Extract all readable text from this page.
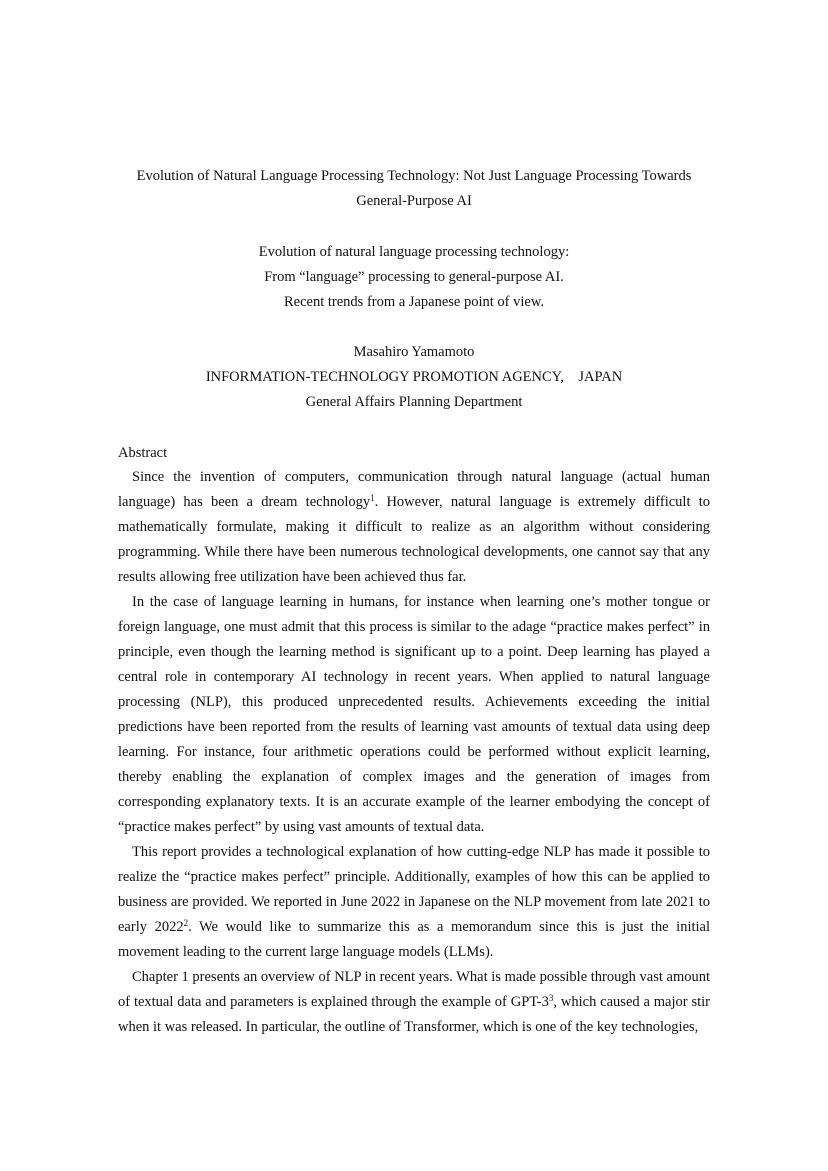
Evolution of Natural Language Processing Technology: Not Just Language Processing Towards
General-Purpose AI
Evolution of natural language processing technology:
From “language” processing to general-purpose AI.
Recent trends from a Japanese point of view.
Masahiro Yamamoto
INFORMATION-TECHNOLOGY PROMOTION AGENCY,　JAPAN
General Affairs Planning Department
Abstract

Since the invention of computers, communication through natural language (actual human language) has been a dream technology$^1$. However, natural language is extremely difficult to mathematically formulate, making it difficult to realize as an algorithm without considering programming. While there have been numerous technological developments, one cannot say that any results allowing free utilization have been achieved thus far.

In the case of language learning in humans, for instance when learning one’s mother tongue or foreign language, one must admit that this process is similar to the adage “practice makes perfect” in principle, even though the learning method is significant up to a point. Deep learning has played a central role in contemporary AI technology in recent years. When applied to natural language processing (NLP), this produced unprecedented results. Achievements exceeding the initial predictions have been reported from the results of learning vast amounts of textual data using deep learning. For instance, four arithmetic operations could be performed without explicit learning, thereby enabling the explanation of complex images and the generation of images from corresponding explanatory texts. It is an accurate example of the learner embodying the concept of “practice makes perfect” by using vast amounts of textual data.

This report provides a technological explanation of how cutting-edge NLP has made it possible to realize the “practice makes perfect” principle. Additionally, examples of how this can be applied to business are provided. We reported in June 2022 in Japanese on the NLP movement from late 2021 to early 2022$^2$. We would like to summarize this as a memorandum since this is just the initial movement leading to the current large language models (LLMs).

Chapter 1 presents an overview of NLP in recent years. What is made possible through vast amount of textual data and parameters is explained through the example of GPT-$3^3$, which caused a major stir when it was released. In particular, the outline of Transformer, which is one of the key technologies,
